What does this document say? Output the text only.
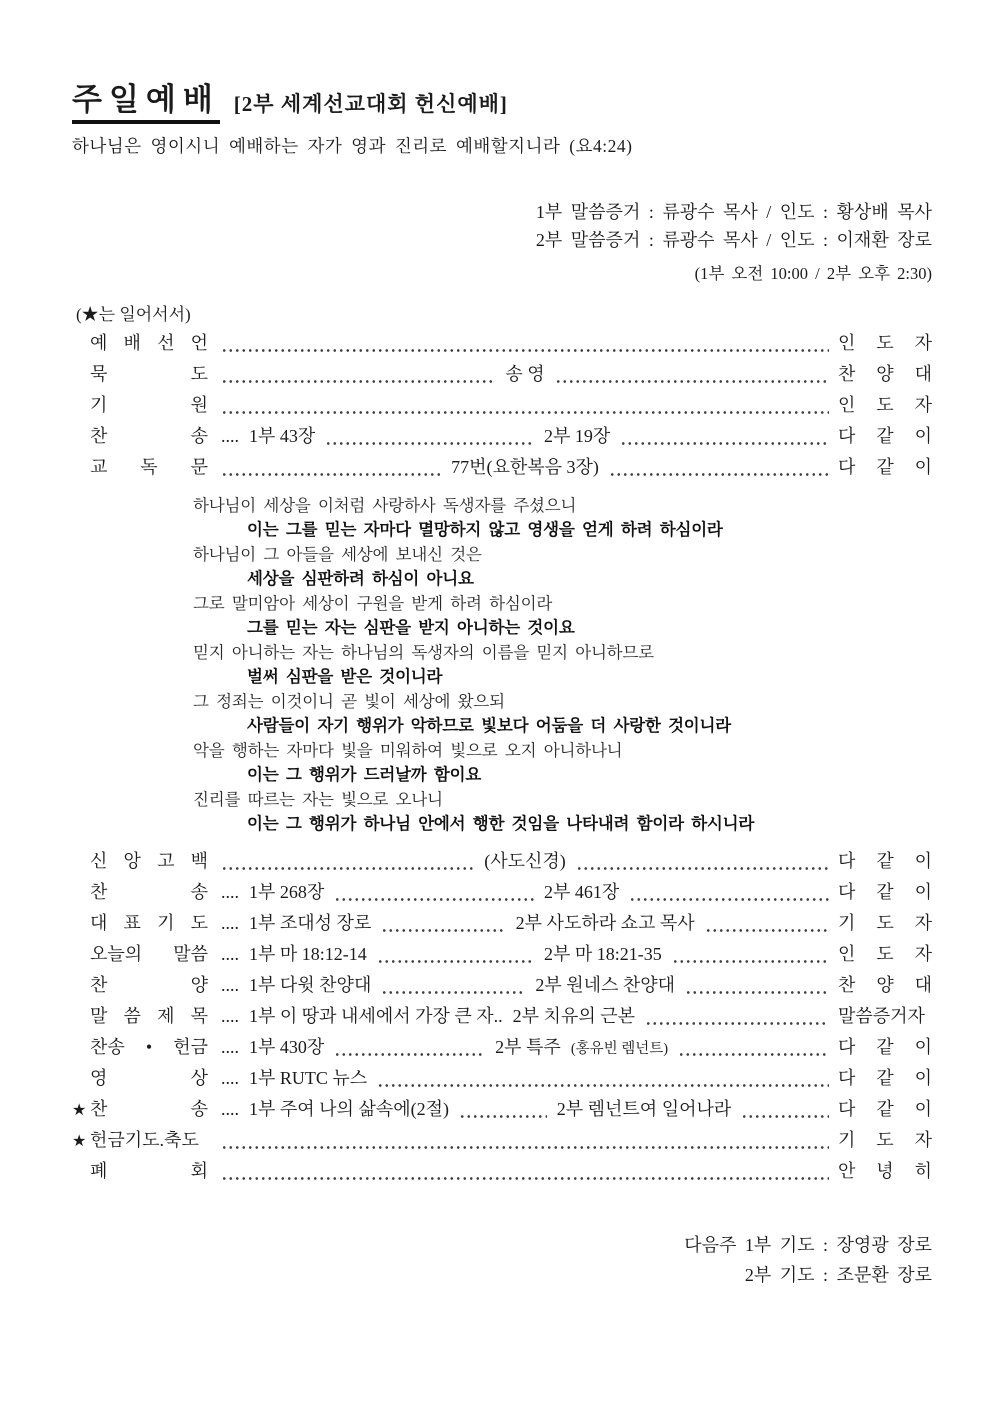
주일예배 [2부 세계선교대회 헌신예배]
하나님은 영이시니 예배하는 자가 영과 진리로 예배할지니라 (요4:24)
1부 말씀증거 : 류광수 목사 / 인도 : 황상배 목사
2부 말씀증거 : 류광수 목사 / 인도 : 이재환 장로
(1부 오전 10:00 / 2부 오후 2:30)
(★는 일어서서)
예 배 선 언	인 도 자
묵 도	송 영	찬 양 대
기 원	인 도 자
찬 송 .... 1부 43장	2부 19장	다 같 이
교 독 문	77번(요한복음 3장)	다 같 이
하나님이 세상을 이처럼 사랑하사 독생자를 주셨으니
이는 그를 믿는 자마다 멸망하지 않고 영생을 얻게 하려 하심이라
하나님이 그 아들을 세상에 보내신 것은
세상을 심판하려 하심이 아니요
그로 말미암아 세상이 구원을 받게 하려 하심이라
그를 믿는 자는 심판을 받지 아니하는 것이요
믿지 아니하는 자는 하나님의 독생자의 이름을 믿지 아니하므로
벌써 심판을 받은 것이니라
그 정죄는 이것이니 곧 빛이 세상에 왔으되
사람들이 자기 행위가 악하므로 빛보다 어둠을 더 사랑한 것이니라
악을 행하는 자마다 빛을 미워하여 빛으로 오지 아니하나니
이는 그 행위가 드러날까 함이요
진리를 따르는 자는 빛으로 오나니
이는 그 행위가 하나님 안에서 행한 것임을 나타내려 함이라 하시니라
신 앙 고 백	(사도신경)	다 같 이
찬 송 .... 1부 268장	2부 461장	다 같 이
대 표 기 도 .... 1부 조대성 장로	2부 사도하라 쇼고 목사	기 도 자
오늘의 말씀 .... 1부 마 18:12-14	2부 마 18:21-35	인 도 자
찬 양 .... 1부 다윗 찬양대	2부 원네스 찬양대	찬 양 대
말 씀 제 목 .... 1부 이 땅과 내세에서 가장 큰 자.. 2부 치유의 근본	말씀증거자
찬송 • 헌금 .... 1부 430장	2부 특주 (홍유빈 렘넌트)	다 같 이
영 상 .... 1부 RUTC 뉴스	다 같 이
★ 찬 송 .... 1부 주여 나의 삶속에(2절)	2부 렘넌트여 일어나라	다 같 이
★ 헌금기도.축도	기 도 자
폐 회	안 녕 히
다음주 1부 기도 : 장영광 장로
2부 기도 : 조문환 장로
